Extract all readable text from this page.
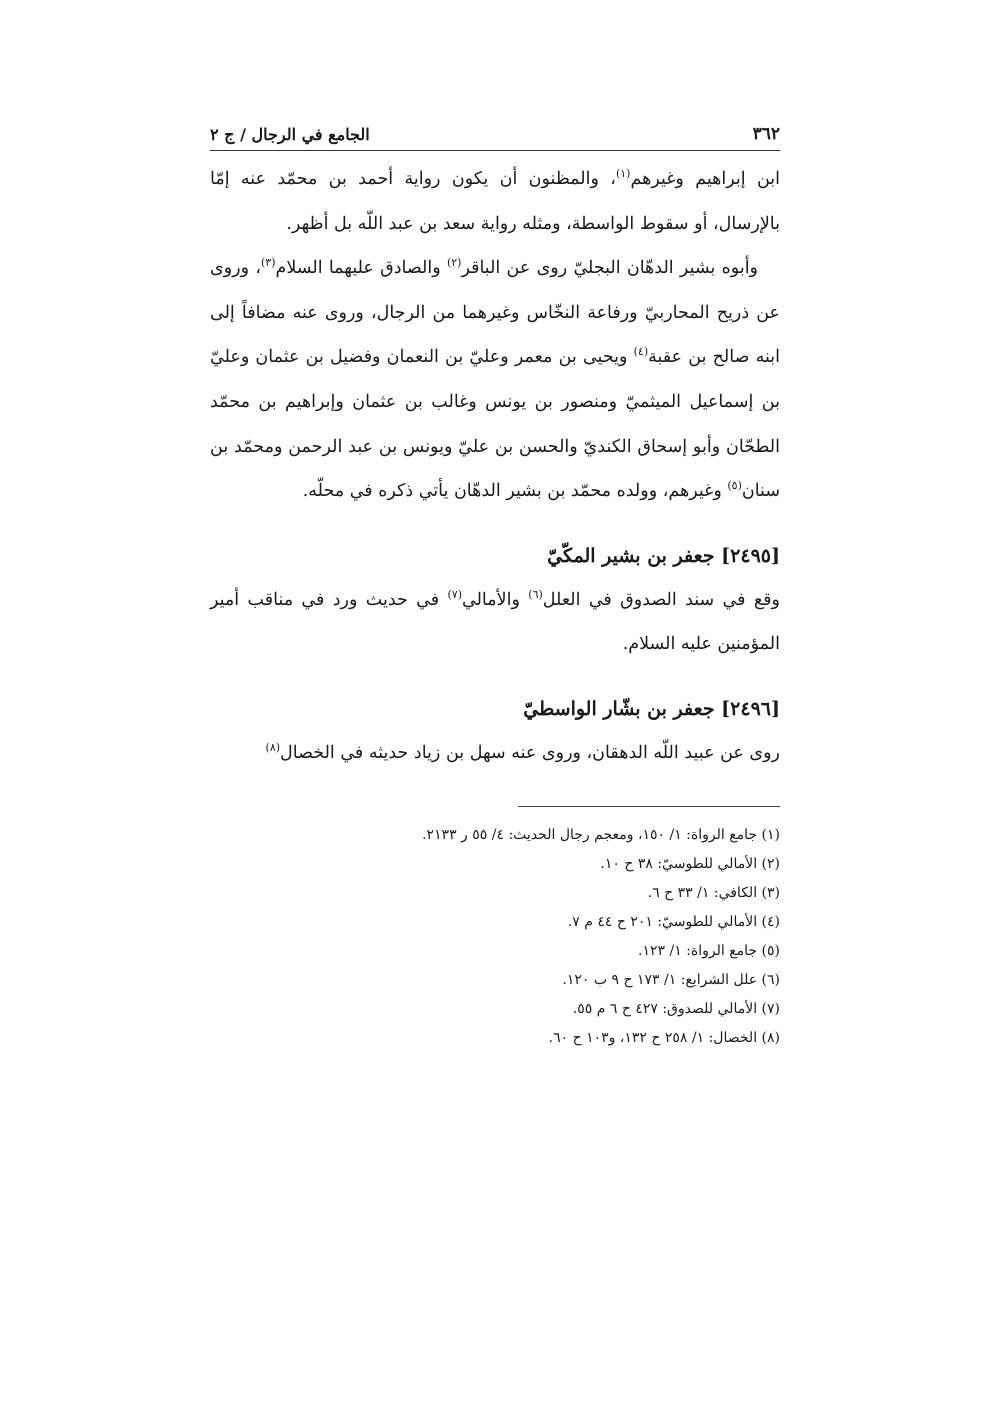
٣٦٢
الجامع في الرجال / ج ٢

ابن إبراهيم وغيرهم$^{(١)}$، والمظنون أن يكون رواية أحمد بن محمّد عنه إمّا بالإرسال، أو سقوط الواسطة، ومثله رواية سعد بن عبد اللّه بل أظهر.

وأبوه بشير الدهّان البجليّ روى عن الباقر$^{(٢)}$ والصادق عليهما السلام$^{(٣)}$، وروى عن ذريح المحاربيّ ورفاعة النخّاس وغيرهما من الرجال، وروى عنه مضافاً إلى ابنه صالح بن عقبة$^{(٤)}$ ويحيى بن معمر وعليّ بن النعمان وفضيل بن عثمان وعليّ بن إسماعيل الميثميّ ومنصور بن يونس وغالب بن عثمان وإبراهيم بن محمّد الطحّان وأبو إسحاق الكنديّ والحسن بن عليّ ويونس بن عبد الرحمن ومحمّد بن سنان$^{(٥)}$ وغيرهم، وولده محمّد بن بشير الدهّان يأتي ذكره في محلّه.

[٢٤٩٥] جعفر بن بشير المكّيّ

وقع في سند الصدوق في العلل$^{(٦)}$ والأمالي$^{(٧)}$ في حديث ورد في مناقب أمير المؤمنين عليه السلام.

[٢٤٩٦] جعفر بن بشّار الواسطيّ

روى عن عبيد اللّه الدهقان، وروى عنه سهل بن زياد حديثه في الخصال$^{(٨)}$

(١) جامع الرواة: ١/ ١٥٠، ومعجم رجال الحديث: ٤/ ٥٥ ر ٢١٣٣.
(٢) الأمالي للطوسيّ: ٣٨ ح ١٠.
(٣) الكافي: ١/ ٣٣ ح ٦.
(٤) الأمالي للطوسيّ: ٢٠١ ح ٤٤ م ٧.
(٥) جامع الرواة: ١/ ١٢٣.
(٦) علل الشرايع: ١/ ١٧٣ ح ٩ ب ١٢٠.
(٧) الأمالي للصدوق: ٤٢٧ ح ٦ م ٥٥.
(٨) الخصال: ١/ ٢٥٨ ح ١٣٢، و١٠٣ ح ٦٠.
